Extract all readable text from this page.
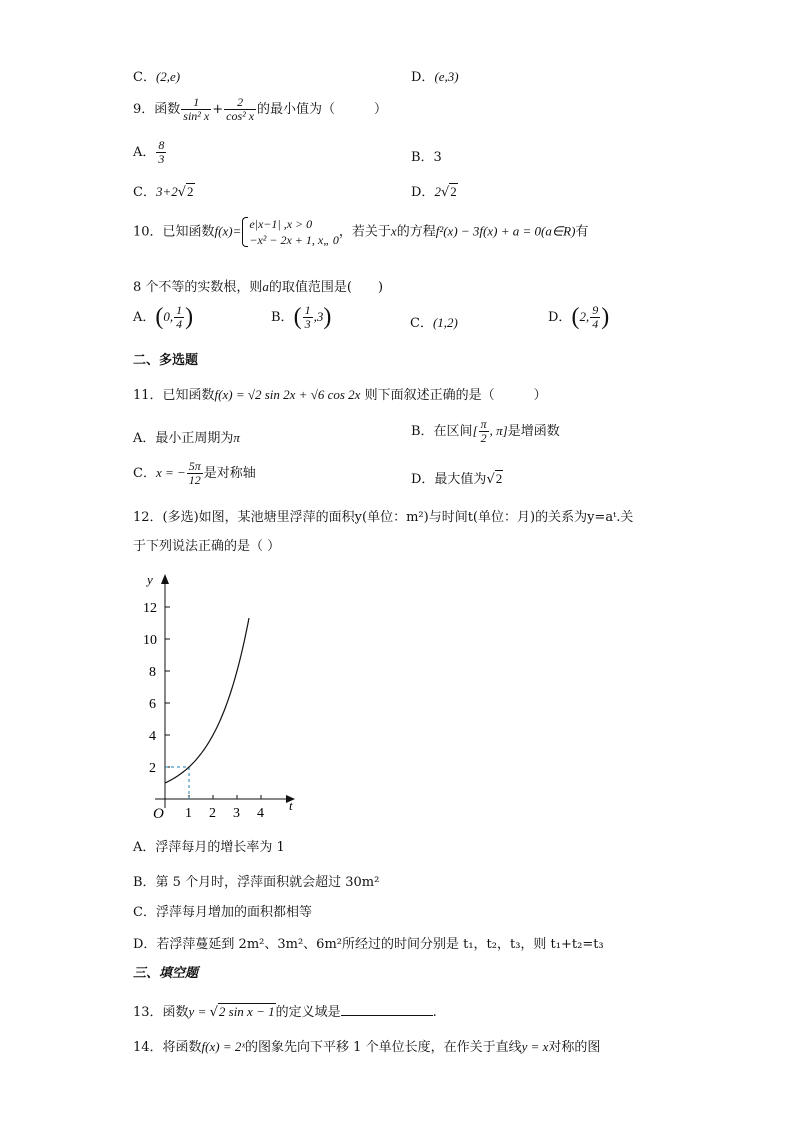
C．(2,e)	D．(e,3)
9．函数 $\frac{1}{\text{sin² x}} + \frac{2}{\text{cos² x}}$ 的最小值为（　　　）
A． $\frac{8}{3}$	B．3
C．3+2√2	D．2√2
10．已知函数f(x)= e|x−1| ,x > 0
−x² − 2x + 1, x„ 0
，若关于x的方程f²(x) − 3f(x) + a = 0(a∈R)有
8 个不等的实数根，则a的取值范围是(　　)
A．(0, $\frac{1}{4}$ )	B．( $\frac{1}{3} ,3$)	C．(1,2)	D．(2, $\frac{9}{4}$ )
二、多选题
11．已知函数f(x) = √2 sin 2x + √6 cos 2x 则下面叙述正确的是（　　　）
A．最小正周期为π	B．在区间[ $\frac{\pi}{2}$ , π]是增函数
C．x = − $\frac{5\pi}{12}$ 是对称轴	D．最大值为√2
12．(多选)如图，某池塘里浮萍的面积y(单位：m²)与时间t(单位：月)的关系为y=aᵗ.关
于下列说法正确的是（ ）
y
t
O 1 2 3 4
2
4
6
8
10
12
A．浮萍每月的增长率为 1
B．第 5 个月时，浮萍面积就会超过 30m²
C．浮萍每月增加的面积都相等
D．若浮萍蔓延到 2m²、3m²、6m²所经过的时间分别是 t₁，t₂，t₃，则 t₁+t₂=t₃
三、填空题
13．函数y = √2 sin x − 1的定义域是	.
14．将函数f(x) = 2ˣ的图象先向下平移 1 个单位长度，在作关于直线y = x对称的图
